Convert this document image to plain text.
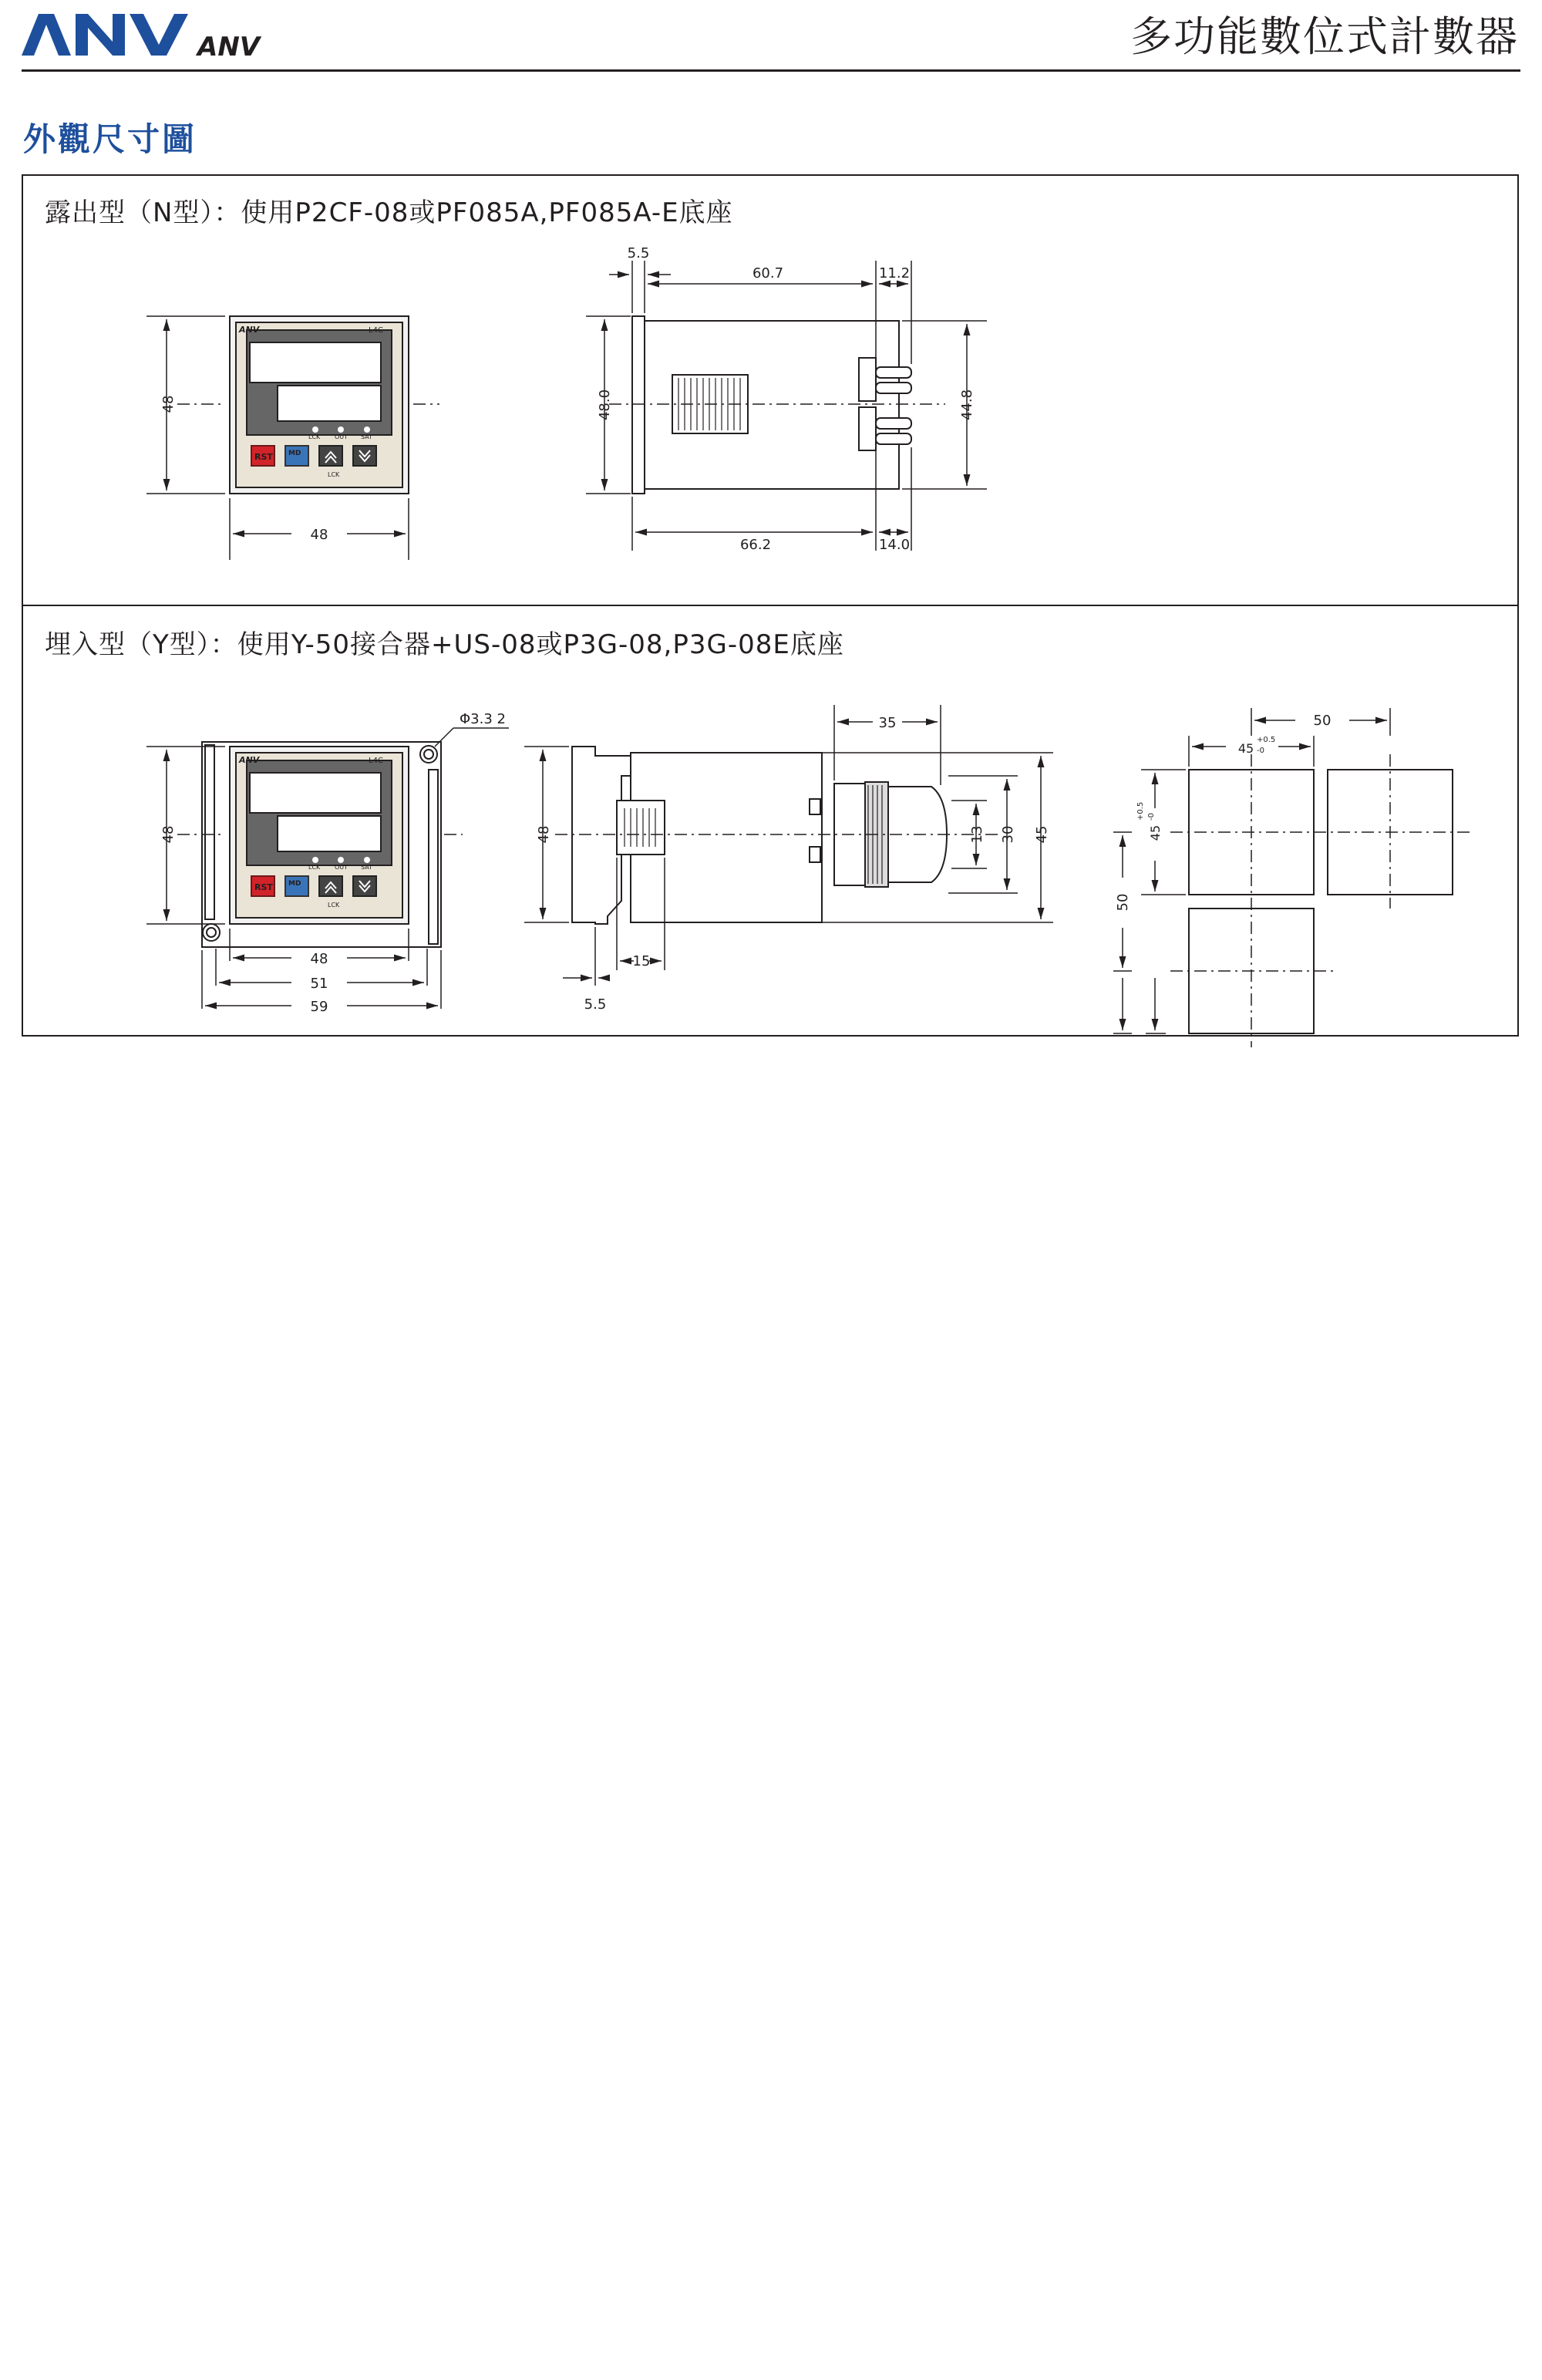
ANV	多功能數位式計數器
外觀尺寸圖
露出型（N型）：使用P2CF-08或PF085A,PF085A-E底座
埋入型（Y型）：使用Y-50接合器+US-08或P3G-08,P3G-08E底座
ANV	L4C
LCK OUT SAT
RST MD
LCK
48
48
5.5
60.7	11.2
48.0	44.8
66.2	14.0
ANV	L4C
LCK OUT SAT
RST MD
LCK
48
Φ3.3 2
48
51
59
48
35
13 30 45
15
5.5
50
45
+0.5
-0
45
+0.5 -0
50
